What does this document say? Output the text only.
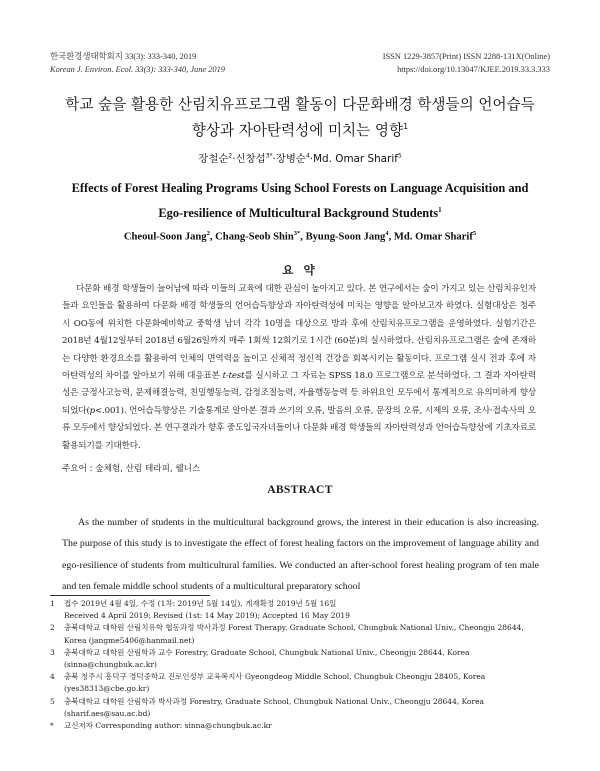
한국환경생태학회지 33(3): 333-340, 2019
Korean J. Environ. Ecol. 33(3): 333-340, June 2019
ISSN 1229-3857(Print) ISSN 2288-131X(Online)
https://doi.org/10.13047/KJEE.2019.33.3.333
학교 숲을 활용한 산림치유프로그램 활동이 다문화배경 학생들의 언어습득
향상과 자아탄력성에 미치는 영향$^1$
장철순$^2$·신창섭$^{3*}$·장병순$^4$·Md. Omar Sharif$^5$
Effects of Forest Healing Programs Using School Forests on Language Acquisition and
Ego-resilience of Multicultural Background Students$^1$
Cheoul-Soon Jang$^2$, Chang-Seob Shin$^{3*}$, Byung-Soon Jang$^4$, Md. Omar Sharif$^5$
요 약

다문화 배경 학생들이 늘어남에 따라 이들의 교육에 대한 관심이 높아지고 있다. 본 연구에서는 숲이 가지고 있는 산림치유인자들과 요인들을 활용하여 다문화 배경 학생들의 언어습득향상과 자아탄력성에 미치는 영향을 알아보고자 하였다. 실험대상은 청주시 OO동에 위치한 다문화예비학교 중학생 남녀 각각 10명을 대상으로 방과 후에 산림치유프로그램을 운영하였다. 실험기간은 2018년 4월12일부터 2018년 6월26일까지 매주 1회씩 12회기로 1시간 (60분)의 실시하였다. 산림치유프로그램은 숲에 존재하는 다양한 환경요소를 활용하여 인체의 면역력을 높이고 신체적 정신적 건강을 회복시키는 활동이다. 프로그램 실시 전과 후에 자아탄력성의 차이를 알아보기 위해 대응표본 t-test를 실시하고 그 자료는 SPSS 18.0 프로그램으로 분석하였다. 그 결과 자아탄력성은 긍정사고능력, 문제해결능력, 친밀행동능력, 감정조절능력, 자율행동능력 등 하위요인 모두에서 통계적으로 유의미하게 향상되었다(p<.001). 언어습득향상은 기술통계로 알아본 결과 쓰기의 오류, 발음의 오류, 문장의 오류, 시제의 오류, 조사·접속사의 오류 모두에서 향상되었다. 본 연구결과가 향후 중도입국자녀들이나 다문화 배경 학생들의 자아탄력성과 언어습득향상에 기초자료로 활용되기를 기대한다.

주요어 : 숲체험, 산림 테라피, 웰니스

ABSTRACT

As the number of students in the multicultural background grows, the interest in their education is also increasing. The purpose of this study is to investigate the effect of forest healing factors on the improvement of language ability and ego-resilience of students from multicultural families. We conducted an after-school forest healing program of ten male and ten female middle school students of a multicultural preparatory school

1 접수 2019년 4월 4일, 수정 (1차: 2019년 5월 14일), 게재확정 2019년 5월 16일
Received 4 April 2019; Revised (1st: 14 May 2019); Accepted 16 May 2019
2 충북대학교 대학원 산림치유학 협동과정 박사과정 Forest Therapy, Graduate School, Chungbuk National Univ., Cheongju 28644,
Korea (jangme5406@hanmail.net)
3 충북대학교 대학원 산림학과 교수 Forestry, Graduate School, Chungbuk National Univ., Cheongju 28644, Korea
(sinna@chungbuk.ac.kr)
4 충북 청주시 흥덕구 경덕중학교 진로인성부 교육복지사 Gyeongdeog Middle School, Chungbuk Cheongju 28405, Korea
(yes38313@cbe.go.kr)
5 충북대학교 대학원 산림학과 박사과정 Forestry, Graduate School, Chungbuk National Univ., Cheongju 28644, Korea
(sharif.aes@sau.ac.bd)
* 교신저자 Corresponding author: sinna@chungbuk.ac.kr
